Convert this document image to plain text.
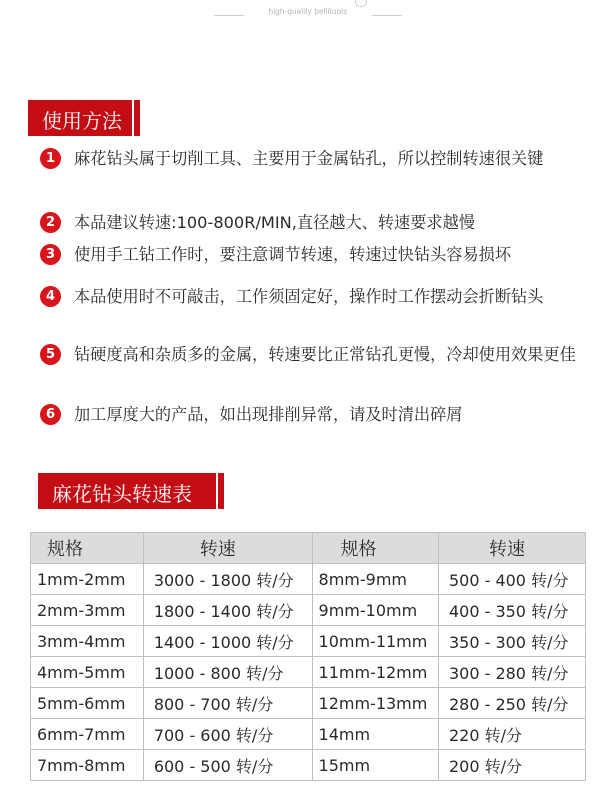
high-quality bellitools
使用方法
1	麻花钻头属于切削工具、主要用于金属钻孔，所以控制转速很关键
2	本品建议转速:100-800R/MIN,直径越大、转速要求越慢
3	使用手工钻工作时，要注意调节转速，转速过快钻头容易损坏
4	本品使用时不可敲击，工作须固定好，操作时工作摆动会折断钻头
5	钻硬度高和杂质多的金属，转速要比正常钻孔更慢，冷却使用效果更佳
6	加工厚度大的产品，如出现排削异常，请及时清出碎屑
麻花钻头转速表
规格	转速	规格	转速
1mm-2mm	3000 - 1800 转/分	8mm-9mm	500 - 400 转/分
2mm-3mm	1800 - 1400 转/分	9mm-10mm	400 - 350 转/分
3mm-4mm	1400 - 1000 转/分	10mm-11mm	350 - 300 转/分
4mm-5mm	1000 - 800 转/分	11mm-12mm	300 - 280 转/分
5mm-6mm	800 - 700 转/分	12mm-13mm	280 - 250 转/分
6mm-7mm	700 - 600 转/分	14mm	220 转/分
7mm-8mm	600 - 500 转/分	15mm	200 转/分
